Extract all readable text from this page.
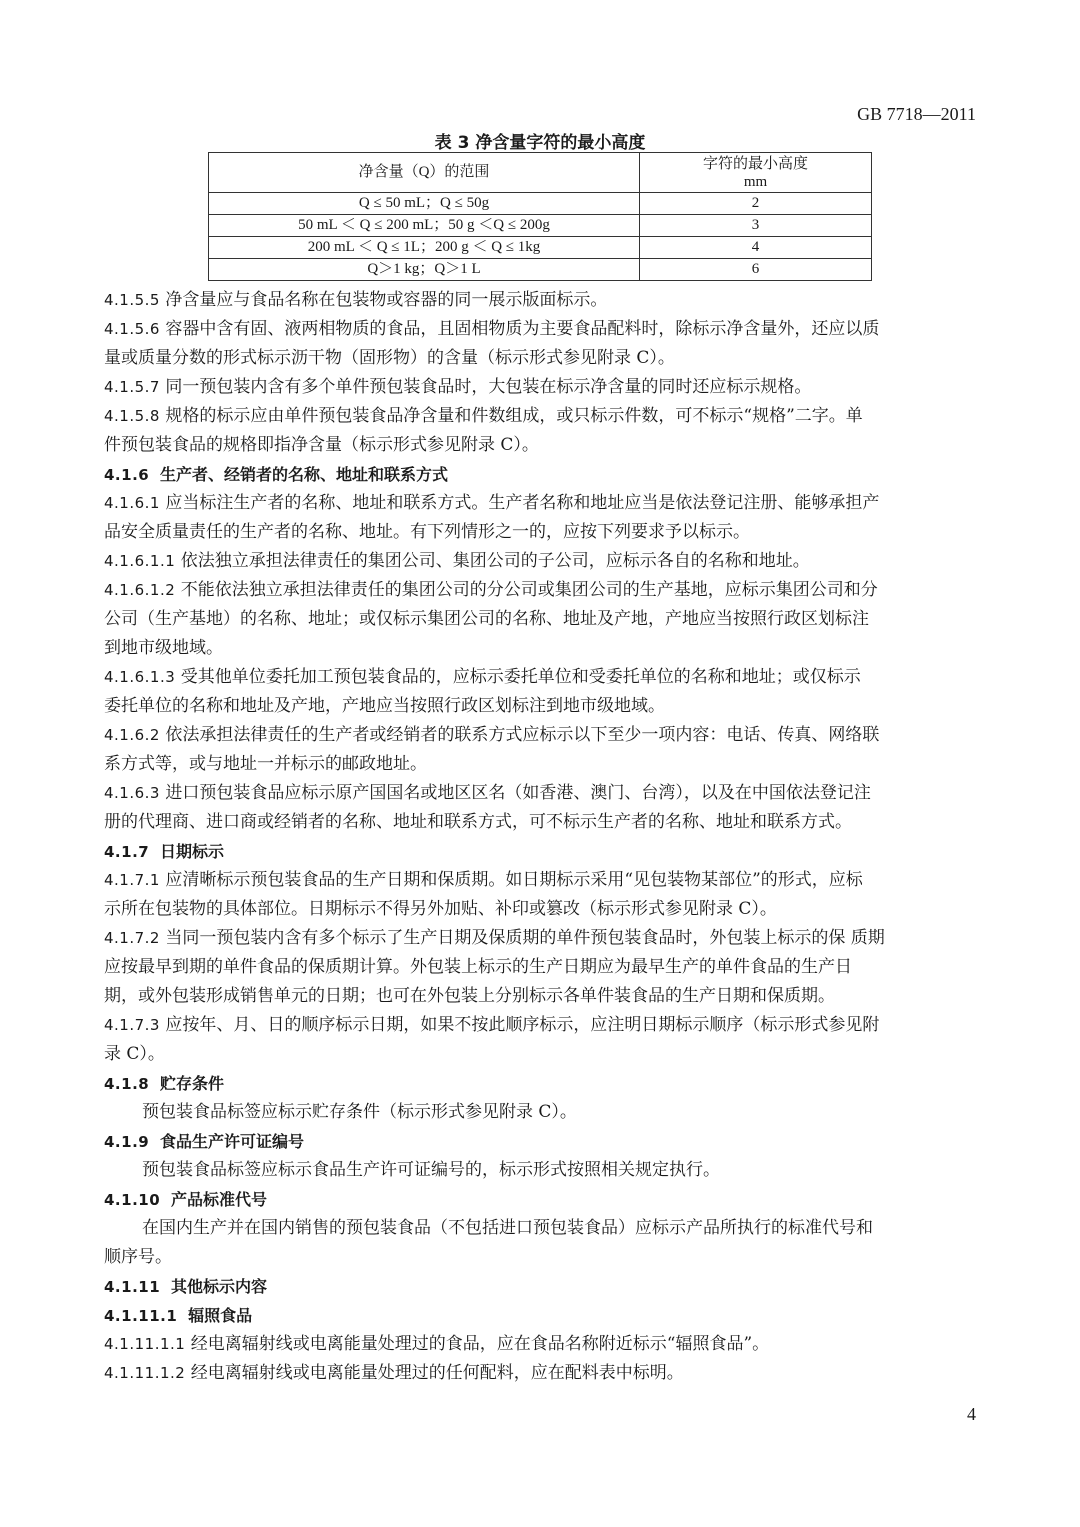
GB 7718—2011
表 3 净含量字符的最小高度
净含量（Q）的范围	字符的最小高度
mm

Q ≤ 50 mL；Q ≤ 50g	2
50 mL ＜ Q ≤ 200 mL；50 g ＜Q ≤ 200g	3
200 mL ＜ Q ≤ 1L；200 g ＜ Q ≤ 1kg	4
Q＞1 kg；Q＞1 L	6
4.1.5.5 净含量应与食品名称在包装物或容器的同一展示版面标示。
4.1.5.6 容器中含有固、液两相物质的食品，且固相物质为主要食品配料时，除标示净含量外，还应以质
量或质量分数的形式标示沥干物（固形物）的含量（标示形式参见附录 C）。
4.1.5.7 同一预包装内含有多个单件预包装食品时，大包装在标示净含量的同时还应标示规格。
4.1.5.8 规格的标示应由单件预包装食品净含量和件数组成，或只标示件数，可不标示“规格”二字。单
件预包装食品的规格即指净含量（标示形式参见附录 C）。
4.1.6 生产者、经销者的名称、地址和联系方式
4.1.6.1 应当标注生产者的名称、地址和联系方式。生产者名称和地址应当是依法登记注册、能够承担产
品安全质量责任的生产者的名称、地址。有下列情形之一的，应按下列要求予以标示。
4.1.6.1.1 依法独立承担法律责任的集团公司、集团公司的子公司，应标示各自的名称和地址。
4.1.6.1.2 不能依法独立承担法律责任的集团公司的分公司或集团公司的生产基地，应标示集团公司和分
公司（生产基地）的名称、地址；或仅标示集团公司的名称、地址及产地，产地应当按照行政区划标注
到地市级地域。
4.1.6.1.3 受其他单位委托加工预包装食品的，应标示委托单位和受委托单位的名称和地址；或仅标示
委托单位的名称和地址及产地，产地应当按照行政区划标注到地市级地域。
4.1.6.2 依法承担法律责任的生产者或经销者的联系方式应标示以下至少一项内容：电话、传真、网络联
系方式等，或与地址一并标示的邮政地址。
4.1.6.3 进口预包装食品应标示原产国国名或地区区名（如香港、澳门、台湾），以及在中国依法登记注
册的代理商、进口商或经销者的名称、地址和联系方式，可不标示生产者的名称、地址和联系方式。
4.1.7 日期标示
4.1.7.1 应清晰标示预包装食品的生产日期和保质期。如日期标示采用“见包装物某部位”的形式，应标
示所在包装物的具体部位。日期标示不得另外加贴、补印或篡改（标示形式参见附录 C）。
4.1.7.2 当同一预包装内含有多个标示了生产日期及保质期的单件预包装食品时，外包装上标示的保 质期
应按最早到期的单件食品的保质期计算。外包装上标示的生产日期应为最早生产的单件食品的生产日
期，或外包装形成销售单元的日期；也可在外包装上分别标示各单件装食品的生产日期和保质期。
4.1.7.3 应按年、月、日的顺序标示日期，如果不按此顺序标示，应注明日期标示顺序（标示形式参见附
录 C）。
4.1.8 贮存条件
预包装食品标签应标示贮存条件（标示形式参见附录 C）。
4.1.9 食品生产许可证编号
预包装食品标签应标示食品生产许可证编号的，标示形式按照相关规定执行。
4.1.10 产品标准代号
在国内生产并在国内销售的预包装食品（不包括进口预包装食品）应标示产品所执行的标准代号和
顺序号。
4.1.11 其他标示内容
4.1.11.1 辐照食品
4.1.11.1.1 经电离辐射线或电离能量处理过的食品，应在食品名称附近标示“辐照食品”。
4.1.11.1.2 经电离辐射线或电离能量处理过的任何配料，应在配料表中标明。
4
